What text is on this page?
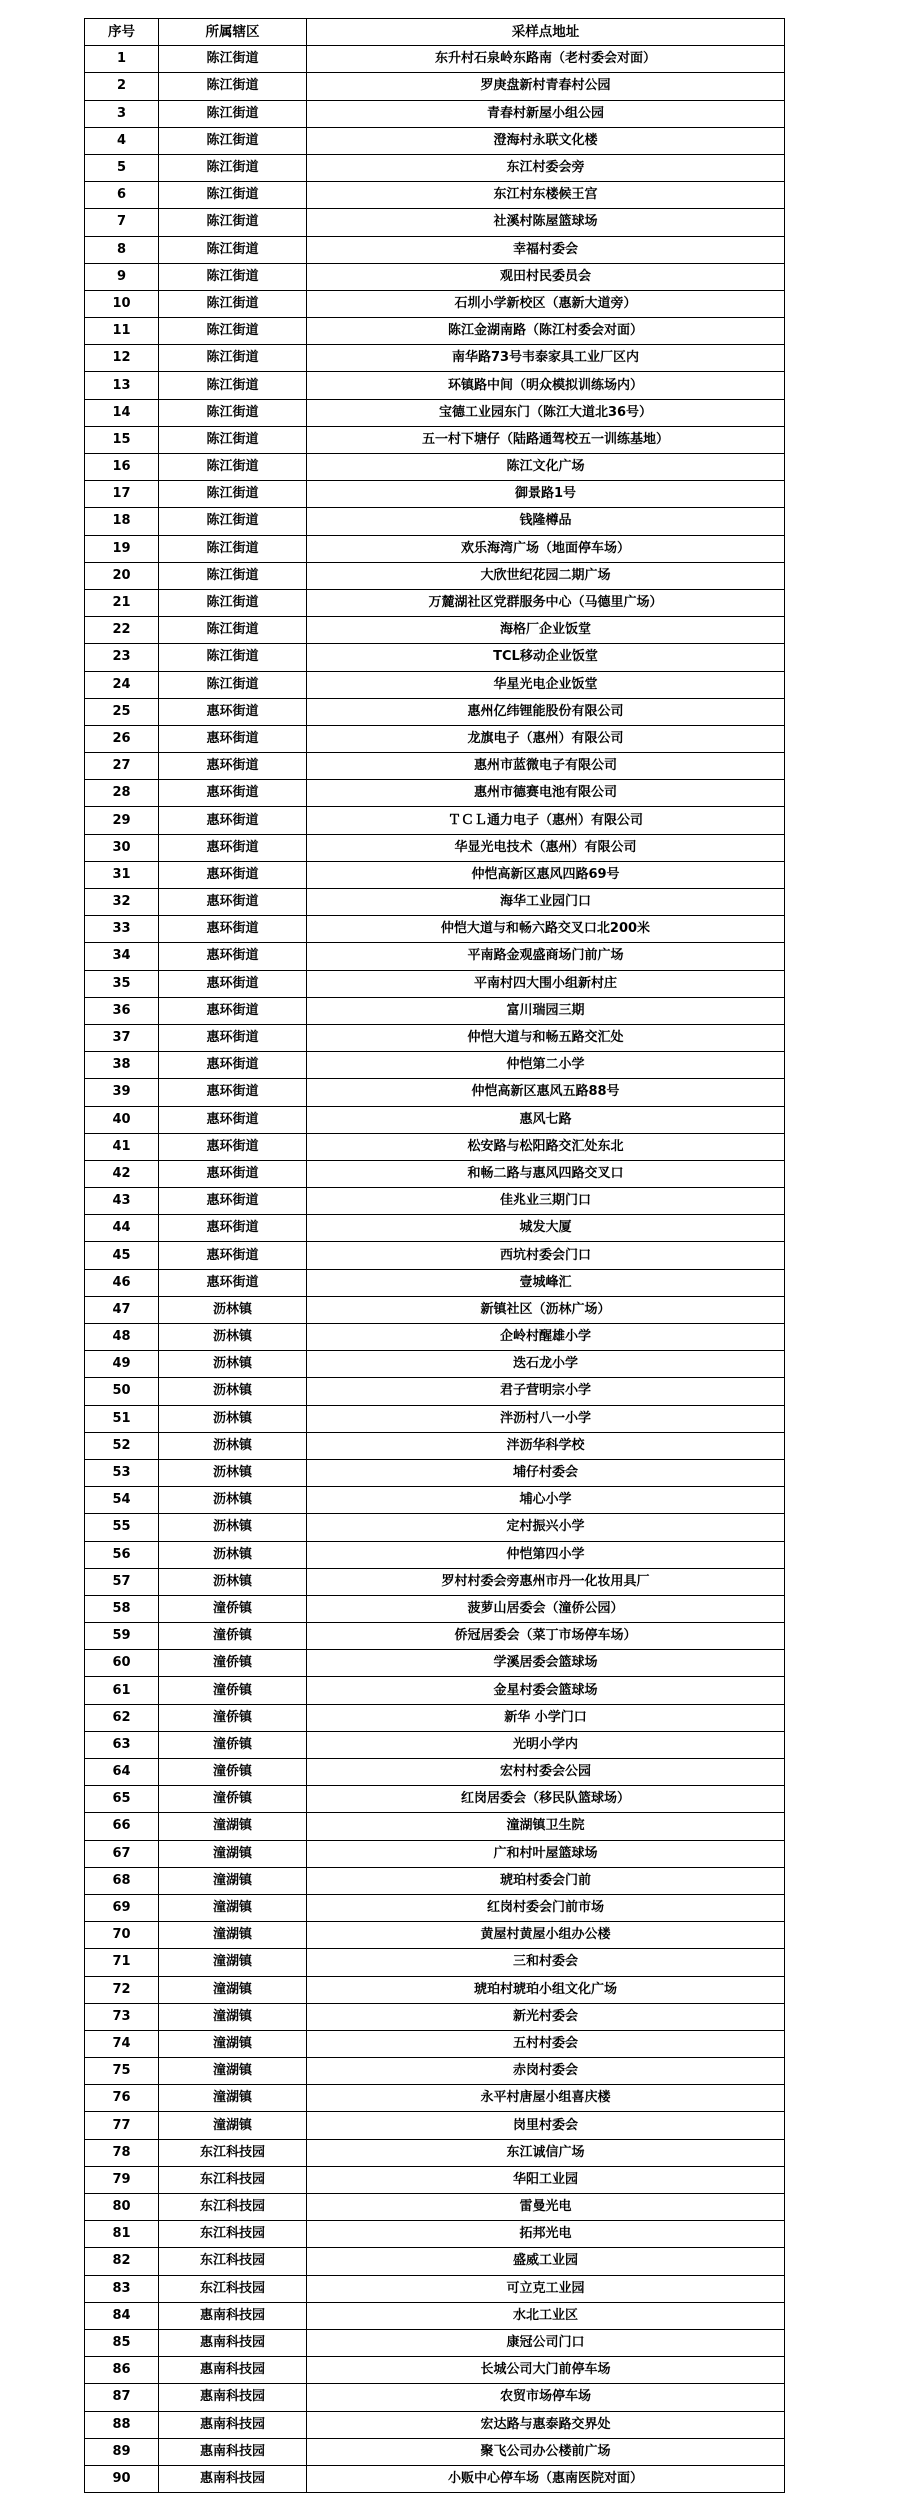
序号	所属辖区	采样点地址
1	陈江街道	东升村石泉岭东路南（老村委会对面）
2	陈江街道	罗庚盘新村青春村公园
3	陈江街道	青春村新屋小组公园
4	陈江街道	澄海村永联文化楼
5	陈江街道	东江村委会旁
6	陈江街道	东江村东楼候王宫
7	陈江街道	社溪村陈屋篮球场
8	陈江街道	幸福村委会
9	陈江街道	观田村民委员会
10	陈江街道	石圳小学新校区（惠新大道旁）
11	陈江街道	陈江金湖南路（陈江村委会对面）
12	陈江街道	南华路73号韦泰家具工业厂区内
13	陈江街道	环镇路中间（明众模拟训练场内）
14	陈江街道	宝德工业园东门（陈江大道北36号）
15	陈江街道	五一村下塘仔（陆路通驾校五一训练基地）
16	陈江街道	陈江文化广场
17	陈江街道	御景路1号
18	陈江街道	钱隆樽品
19	陈江街道	欢乐海湾广场（地面停车场）
20	陈江街道	大欣世纪花园二期广场
21	陈江街道	万麓湖社区党群服务中心（马德里广场）
22	陈江街道	海格厂企业饭堂
23	陈江街道	TCL移动企业饭堂
24	陈江街道	华星光电企业饭堂
25	惠环街道	惠州亿纬锂能股份有限公司
26	惠环街道	龙旗电子（惠州）有限公司
27	惠环街道	惠州市蓝微电子有限公司
28	惠环街道	惠州市德赛电池有限公司
29	惠环街道	ＴＣＬ通力电子（惠州）有限公司
30	惠环街道	华显光电技术（惠州）有限公司
31	惠环街道	仲恺高新区惠风四路69号
32	惠环街道	海华工业园门口
33	惠环街道	仲恺大道与和畅六路交叉口北200米
34	惠环街道	平南路金观盛商场门前广场
35	惠环街道	平南村四大围小组新村庄
36	惠环街道	富川瑞园三期
37	惠环街道	仲恺大道与和畅五路交汇处
38	惠环街道	仲恺第二小学
39	惠环街道	仲恺高新区惠风五路88号
40	惠环街道	惠风七路
41	惠环街道	松安路与松阳路交汇处东北
42	惠环街道	和畅二路与惠风四路交叉口
43	惠环街道	佳兆业三期门口
44	惠环街道	城发大厦
45	惠环街道	西坑村委会门口
46	惠环街道	壹城峰汇
47	沥林镇	新镇社区（沥林广场）
48	沥林镇	企岭村醒雄小学
49	沥林镇	迭石龙小学
50	沥林镇	君子营明宗小学
51	沥林镇	泮沥村八一小学
52	沥林镇	泮沥华科学校
53	沥林镇	埔仔村委会
54	沥林镇	埔心小学
55	沥林镇	定村振兴小学
56	沥林镇	仲恺第四小学
57	沥林镇	罗村村委会旁惠州市丹一化妆用具厂
58	潼侨镇	菠萝山居委会（潼侨公园）
59	潼侨镇	侨冠居委会（菜丁市场停车场）
60	潼侨镇	学溪居委会篮球场
61	潼侨镇	金星村委会篮球场
62	潼侨镇	新华 小学门口
63	潼侨镇	光明小学内
64	潼侨镇	宏村村委会公园
65	潼侨镇	红岗居委会（移民队篮球场）
66	潼湖镇	潼湖镇卫生院
67	潼湖镇	广和村叶屋篮球场
68	潼湖镇	琥珀村委会门前
69	潼湖镇	红岗村委会门前市场
70	潼湖镇	黄屋村黄屋小组办公楼
71	潼湖镇	三和村委会
72	潼湖镇	琥珀村琥珀小组文化广场
73	潼湖镇	新光村委会
74	潼湖镇	五村村委会
75	潼湖镇	赤岗村委会
76	潼湖镇	永平村唐屋小组喜庆楼
77	潼湖镇	岗里村委会
78	东江科技园	东江诚信广场
79	东江科技园	华阳工业园
80	东江科技园	雷曼光电
81	东江科技园	拓邦光电
82	东江科技园	盛威工业园
83	东江科技园	可立克工业园
84	惠南科技园	水北工业区
85	惠南科技园	康冠公司门口
86	惠南科技园	长城公司大门前停车场
87	惠南科技园	农贸市场停车场
88	惠南科技园	宏达路与惠泰路交界处
89	惠南科技园	聚飞公司办公楼前广场
90	惠南科技园	小贩中心停车场（惠南医院对面）
